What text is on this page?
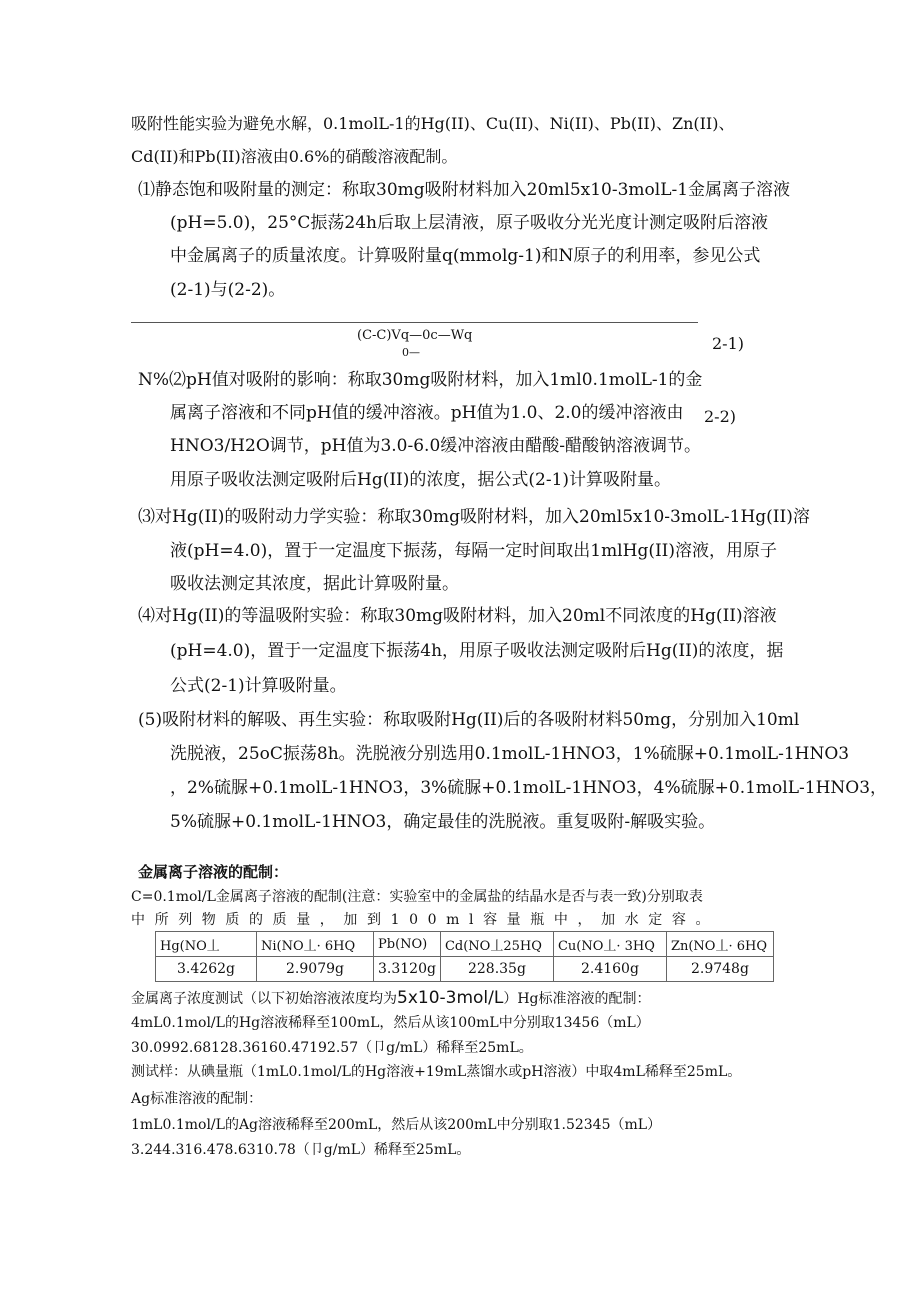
吸附性能实验为避免水解，0.1molL-1的Hg(II)、Cu(II)、Ni(II)、Pb(II)、Zn(II)、
Cd(II)和Pb(II)溶液由0.6%的硝酸溶液配制。
⑴静态饱和吸附量的测定：称取30mg吸附材料加入20ml5x10-3molL-1金属离子溶液
(pH=5.0)，25°C振荡24h后取上层清液，原子吸收分光光度计测定吸附后溶液
中金属离子的质量浓度。计算吸附量q(mmolg-1)和N原子的利用率，参见公式
(2-1)与(2-2)。
(C-C)Vq—0c—Wq
0—	2-1)
N%⑵pH值对吸附的影响：称取30mg吸附材料，加入1ml0.1molL-1的金
属离子溶液和不同pH值的缓冲溶液。pH值为1.0、2.0的缓冲溶液由 2-2)
HNO3/H2O调节，pH值为3.0-6.0缓冲溶液由醋酸-醋酸钠溶液调节。
用原子吸收法测定吸附后Hg(II)的浓度，据公式(2-1)计算吸附量。
⑶对Hg(II)的吸附动力学实验：称取30mg吸附材料，加入20ml5x10-3molL-1Hg(II)溶
液(pH=4.0)，置于一定温度下振荡，每隔一定时间取出1mlHg(II)溶液，用原子
吸收法测定其浓度，据此计算吸附量。
⑷对Hg(II)的等温吸附实验：称取30mg吸附材料，加入20ml不同浓度的Hg(II)溶液
(pH=4.0)，置于一定温度下振荡4h，用原子吸收法测定吸附后Hg(II)的浓度，据
公式(2-1)计算吸附量。
(5)吸附材料的解吸、再生实验：称取吸附Hg(II)后的各吸附材料50mg，分别加入10ml
洗脱液，25oC振荡8h。洗脱液分别选用0.1molL-1HNO3，1%硫脲+0.1molL-1HNO3
，2%硫脲+0.1molL-1HNO3，3%硫脲+0.1molL-1HNO3，4%硫脲+0.1molL-1HNO3，
5%硫脲+0.1molL-1HNO3，确定最佳的洗脱液。重复吸附-解吸实验。
金属离子溶液的配制：
C=0.1mol/L金属离子溶液的配制(注意：实验室中的金属盐的结晶水是否与表一致)分别取表
中所列物质的质量，加到100ml容量瓶中，加水定容。
Hg(NO丄	Ni(NO丄· 6HQ	Pb(NO)	Cd(NO丄25HQ	Cu(NO丄· 3HQ	Zn(NO丄· 6HQ
3.4262g	2.9079g	3.3120g	228.35g	2.4160g	2.9748g
金属离子浓度测试（以下初始溶液浓度均为5x10-3mol/L）Hg标准溶液的配制：
4mL0.1mol/L的Hg溶液稀释至100mL，然后从该100mL中分别取13456（mL）
30.0992.68128.36160.47192.57（卩g/mL）稀释至25mL。
测试样：从碘量瓶（1mL0.1mol/L的Hg溶液+19mL蒸馏水或pH溶液）中取4mL稀释至25mL。
Ag标准溶液的配制：
1mL0.1mol/L的Ag溶液稀释至200mL，然后从该200mL中分别取1.52345（mL）
3.244.316.478.6310.78（卩g/mL）稀释至25mL。
